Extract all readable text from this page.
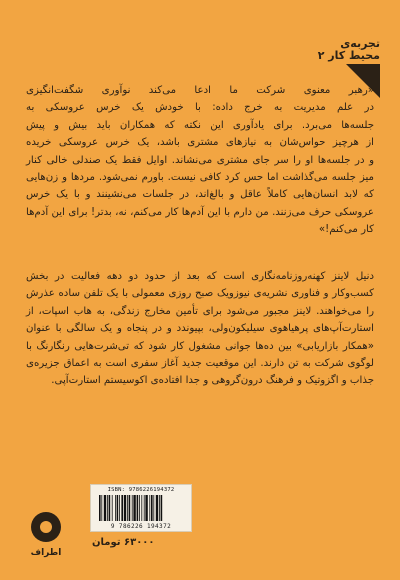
تجربه‌ی
محیط کار ۲

«رهبر معنوی شرکت ما ادعا می‌کند نوآوری شگفت‌انگیزی
در علم مدیریت به خرج داده: با خودش یک خرس عروسکی به
جلسه‌ها می‌برد. برای یادآوری این نکته که همکاران باید بیش و پیش
از هرچیز حواس‌شان به نیازهای مشتری باشد، یک خرس عروسکی خریده
و در جلسه‌ها او را سر جای مشتری می‌نشاند. اوایل فقط یک صندلی خالی کنار
میز جلسه می‌گذاشت اما حس کرد کافی نیست. باورم نمی‌شود. مردها و زن‌هایی
که لابد انسان‌هایی کاملاً عاقل و بالغ‌اند، در جلسات می‌نشینند و با یک خرس
عروسکی حرف می‌زنند. من دارم با این آدم‌ها کار می‌کنم، نه، بدتر! برای این آدم‌ها
کار می‌کنم!»

دنیل لاینز کهنه‌روزنامه‌نگاری است که بعد از حدود دو دهه فعالیت در بخش
کسب‌وکار و فناوری نشریه‌ی نیوزویک صبح روزی معمولی با یک تلفن ساده عذرش
را می‌خواهند. لاینز مجبور می‌شود برای تأمین مخارج زندگی، به هاب اسپات، از
استارت‌آپ‌های پرهیاهوی سیلیکون‌ولی، بپیوندد و در پنجاه و یک سالگی با عنوان
«همکار بازاریابی» بین ده‌ها جوانی مشغول کار شود که تی‌شرت‌هایی رنگارنگ با
لوگوی شرکت به تن دارند. این موقعیت جدید آغاز سفری است به اعماق جزیره‌ی
جذاب و اگزوتیک و فرهنگ درون‌گروهی و جدا افتاده‌ی اکوسیستم استارت‌آپی.

ISBN: 9786226194372
9 786226 194372
۶۳۰۰۰ تومان
اطراف
